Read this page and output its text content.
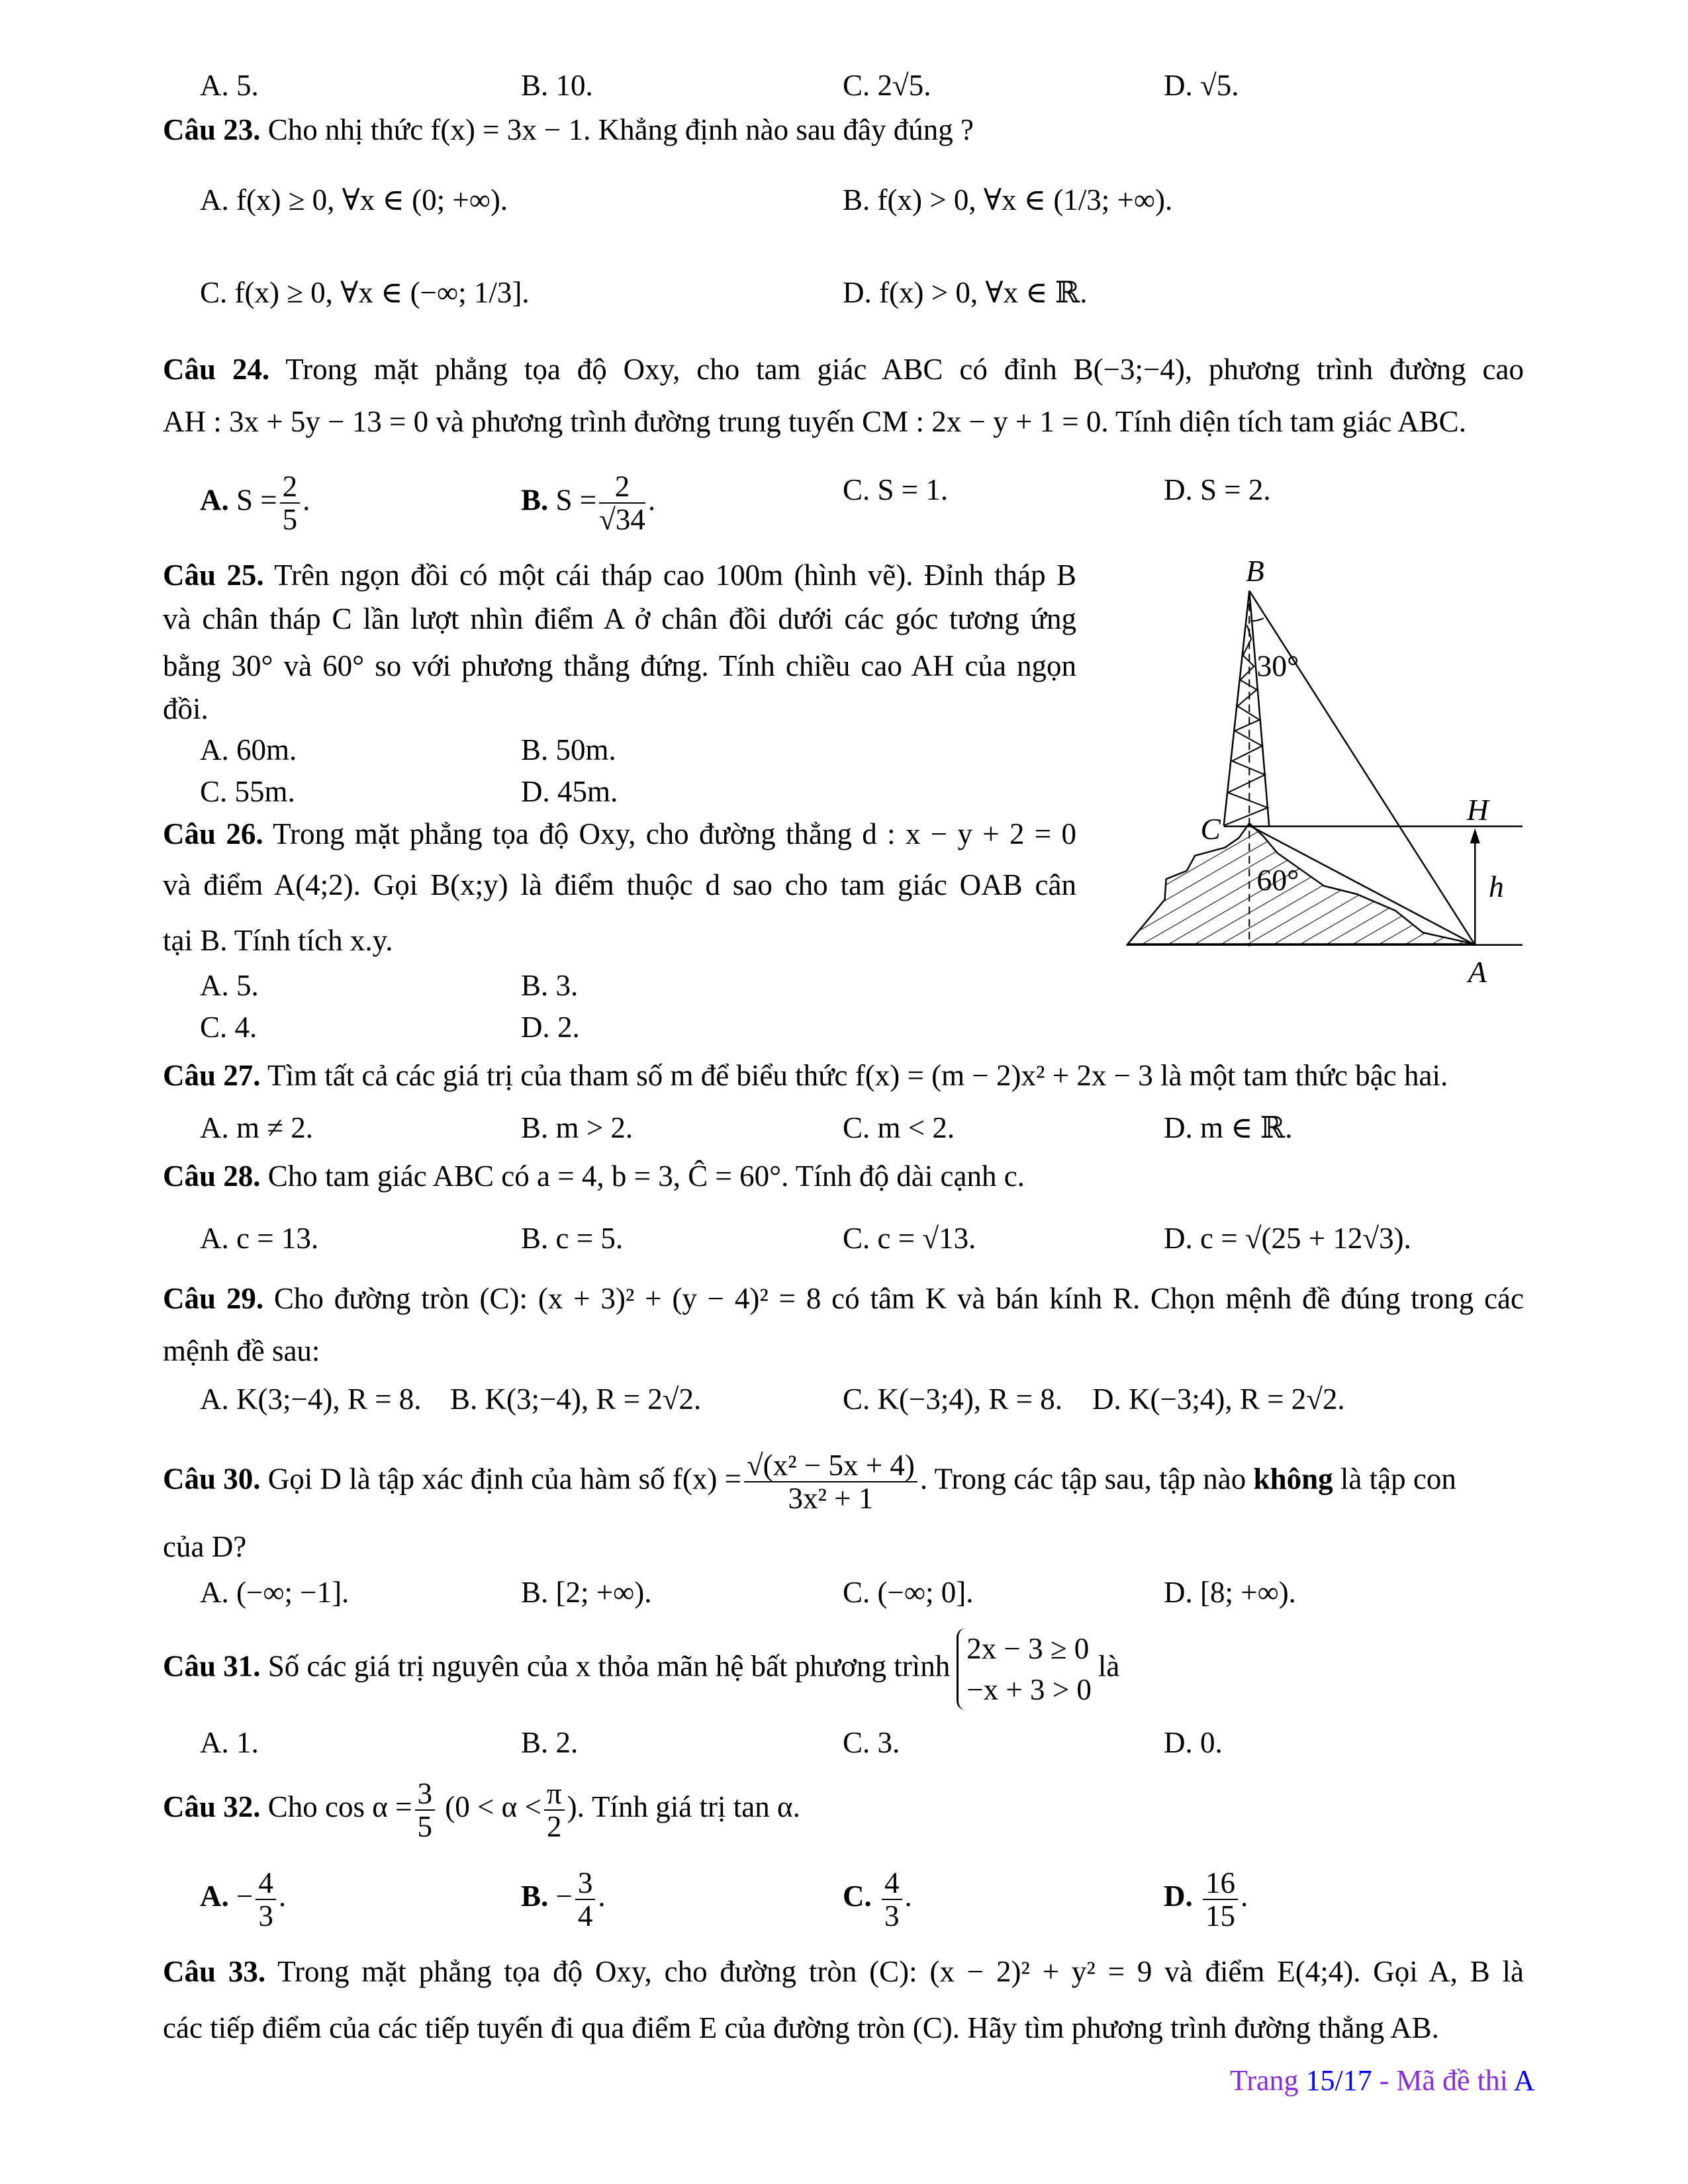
A. 5.	B. 10.	C. 2√5.	D. √5.
Câu 23. Cho nhị thức f(x) = 3x − 1. Khẳng định nào sau đây đúng ?
A. f(x) ≥ 0, ∀x ∈ (0; +∞).	B. f(x) > 0, ∀x ∈ (1/3; +∞).
C. f(x) ≥ 0, ∀x ∈ (−∞; 1/3].	D. f(x) > 0, ∀x ∈ ℝ.
Câu 24. Trong mặt phẳng tọa độ Oxy, cho tam giác ABC có đỉnh B(−3;−4), phương trình đường cao
AH : 3x + 5y − 13 = 0 và phương trình đường trung tuyến CM : 2x − y + 1 = 0. Tính diện tích tam giác ABC.
A. $S = \frac{2}{5}$ .	B. $S = \frac{2}{√34}$ .	C. S = 1.	D. S = 2.
Câu 25. Trên ngọn đồi có một cái tháp cao 100m (hình vẽ). Đỉnh tháp B
và chân tháp C lần lượt nhìn điểm A ở chân đồi dưới các góc tương ứng
bằng 30° và 60° so với phương thẳng đứng. Tính chiều cao AH của ngọn
đồi.
A. 60m.	B. 50m.
C. 55m.	D. 45m.
B
C
H
A
h
30°
60°
Câu 26. Trong mặt phẳng tọa độ Oxy, cho đường thẳng d : x − y + 2 = 0
và điểm A(4;2). Gọi B(x;y) là điểm thuộc d sao cho tam giác OAB cân
tại B. Tính tích x.y.
A. 5.	B. 3.
C. 4.	D. 2.
Câu 27. Tìm tất cả các giá trị của tham số m để biểu thức f(x) = (m − 2)x² + 2x − 3 là một tam thức bậc hai.
A. m ≠ 2.	B. m > 2.	C. m < 2.	D. m ∈ ℝ.
Câu 28. Cho tam giác ABC có a = 4, b = 3, Ĉ = 60°. Tính độ dài cạnh c.
A. c = 13.	B. c = 5.	C. c = √13.	D. c = √(25 + 12√3).
Câu 29. Cho đường tròn (C): (x + 3)² + (y − 4)² = 8 có tâm K và bán kính R. Chọn mệnh đề đúng trong các
mệnh đề sau:
A. K(3;−4), R = 8. B. K(3;−4), R = 2√2.	C. K(−3;4), R = 8. D. K(−3;4), R = 2√2.
Câu 30. Gọi D là tập xác định của hàm số $f(x) = \frac{\text{√(x² − 5x + 4)}}{\text{3x² + 1}}$ . Trong các tập sau, tập nào không là tập con
của D?
A. (−∞; −1].	B. [2; +∞).	C. (−∞; 0].	D. [8; +∞).
Câu 31. Số các giá trị nguyên của x thỏa mãn hệ bất phương trình
2x − 3 ≥ 0
−x + 3 > 0
là
A. 1.	B. 2.	C. 3.	D. 0.
Câu 32. Cho $\cos \alpha = \frac{3}{5} (0 < \alpha < \frac{\pi}{2}$ ). Tính giá trị tan α.
A. − $\frac{4}{3}$ .	B. − $\frac{3}{4}$ .	C. $\frac{4}{3}$ .	D. $\frac{16}{15}$ .
Câu 33. Trong mặt phẳng tọa độ Oxy, cho đường tròn (C): (x − 2)² + y² = 9 và điểm E(4;4). Gọi A, B là
các tiếp điểm của các tiếp tuyến đi qua điểm E của đường tròn (C). Hãy tìm phương trình đường thẳng AB.
Trang 15/17 - Mã đề thi A
